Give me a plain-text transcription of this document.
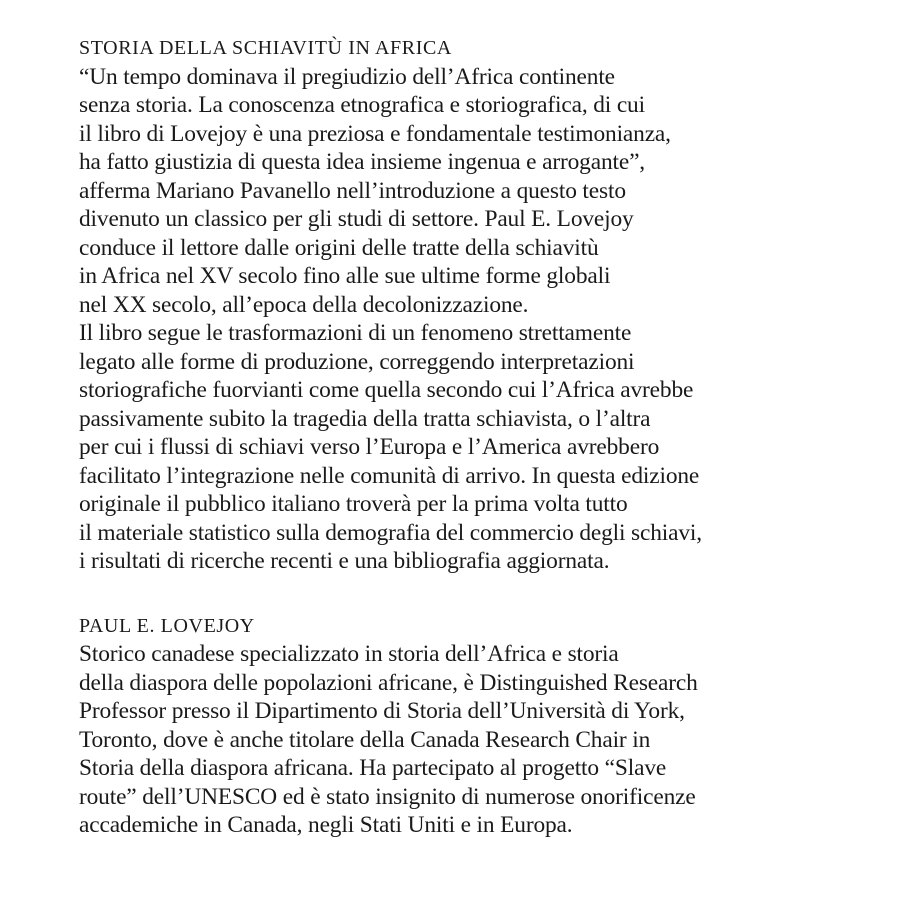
STORIA DELLA SCHIAVITÙ IN AFRICA
“Un tempo dominava il pregiudizio dell’Africa continente
senza storia. La conoscenza etnografica e storiografica, di cui
il libro di Lovejoy è una preziosa e fondamentale testimonianza,
ha fatto giustizia di questa idea insieme ingenua e arrogante”,
afferma Mariano Pavanello nell’introduzione a questo testo
divenuto un classico per gli studi di settore. Paul E. Lovejoy
conduce il lettore dalle origini delle tratte della schiavitù
in Africa nel XV secolo fino alle sue ultime forme globali
nel XX secolo, all’epoca della decolonizzazione.
Il libro segue le trasformazioni di un fenomeno strettamente
legato alle forme di produzione, correggendo interpretazioni
storiografiche fuorvianti come quella secondo cui l’Africa avrebbe
passivamente subito la tragedia della tratta schiavista, o l’altra
per cui i flussi di schiavi verso l’Europa e l’America avrebbero
facilitato l’integrazione nelle comunità di arrivo. In questa edizione
originale il pubblico italiano troverà per la prima volta tutto
il materiale statistico sulla demografia del commercio degli schiavi,
i risultati di ricerche recenti e una bibliografia aggiornata.
PAUL E. LOVEJOY
Storico canadese specializzato in storia dell’Africa e storia
della diaspora delle popolazioni africane, è Distinguished Research
Professor presso il Dipartimento di Storia dell’Università di York,
Toronto, dove è anche titolare della Canada Research Chair in
Storia della diaspora africana. Ha partecipato al progetto “Slave
route” dell’UNESCO ed è stato insignito di numerose onorificenze
accademiche in Canada, negli Stati Uniti e in Europa.
